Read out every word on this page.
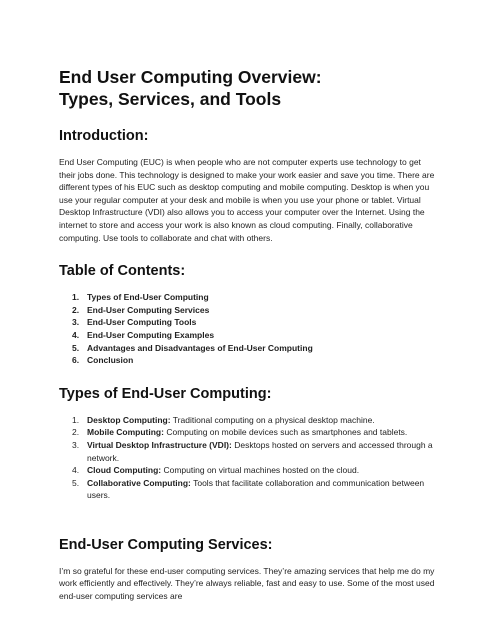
End User Computing Overview:
Types, Services, and Tools
Introduction:

End User Computing (EUC) is when people who are not computer experts use technology to get their jobs done. This technology is designed to make your work easier and save you time. There are different types of his EUC such as desktop computing and mobile computing. Desktop is when you use your regular computer at your desk and mobile is when you use your phone or tablet. Virtual Desktop Infrastructure (VDI) also allows you to access your computer over the Internet. Using the internet to store and access your work is also known as cloud computing. Finally, collaborative computing. Use tools to collaborate and chat with others.

Table of Contents:
1. Types of End-User Computing
2. End-User Computing Services
3. End-User Computing Tools
4. End-User Computing Examples
5. Advantages and Disadvantages of End-User Computing
6. Conclusion
Types of End-User Computing:
1. Desktop Computing: Traditional computing on a physical desktop machine.
2. Mobile Computing: Computing on mobile devices such as smartphones and tablets.
3. Virtual Desktop Infrastructure (VDI): Desktops hosted on servers and accessed through a network.
4. Cloud Computing: Computing on virtual machines hosted on the cloud.
5. Collaborative Computing: Tools that facilitate collaboration and communication between users.
End-User Computing Services:

I’m so grateful for these end-user computing services. They’re amazing services that help me do my work efficiently and effectively. They’re always reliable, fast and easy to use. Some of the most used end-user computing services are
